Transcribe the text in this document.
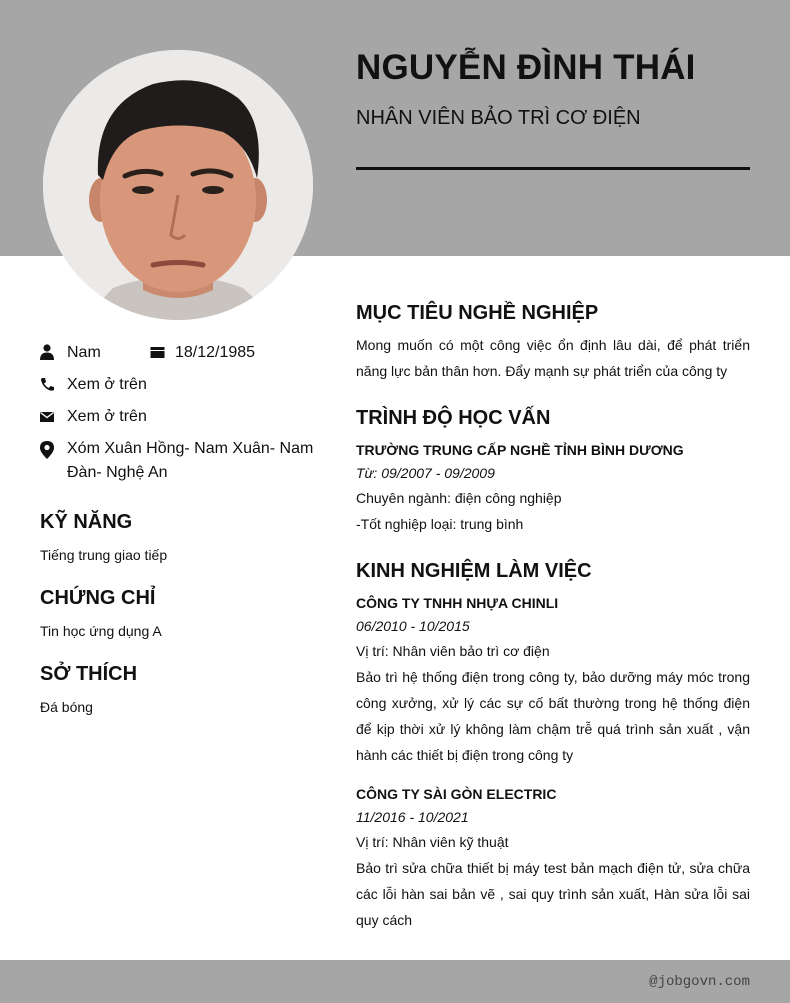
NGUYỄN ĐÌNH THÁI
NHÂN VIÊN BẢO TRÌ CƠ ĐIỆN
Nam	18/12/1985
Xem ở trên
Xem ở trên
Xóm Xuân Hồng- Nam Xuân- Nam Đàn- Nghệ An
KỸ NĂNG
Tiếng trung giao tiếp
CHỨNG CHỈ
Tin học ứng dụng A
SỞ THÍCH
Đá bóng
MỤC TIÊU NGHỀ NGHIỆP
Mong muốn có một công việc ổn định lâu dài, để phát triển năng lực bản thân hơn. Đẩy mạnh sự phát triển của công ty
TRÌNH ĐỘ HỌC VẤN
TRƯỜNG TRUNG CẤP NGHỀ TỈNH BÌNH DƯƠNG
Từ: 09/2007 - 09/2009
Chuyên ngành: điện công nghiệp
-Tốt nghiệp loại: trung bình
KINH NGHIỆM LÀM VIỆC
CÔNG TY TNHH NHỰA CHINLI
06/2010 - 10/2015
Vị trí: Nhân viên bảo trì cơ điện
Bảo trì hệ thống điện trong công ty, bảo dưỡng máy móc trong công xưởng, xử lý các sự cố bất thường trong hệ thống điện để kịp thời xử lý không làm chậm trễ quá trình sản xuất , vận hành các thiết bị điện trong công ty
CÔNG TY SÀI GÒN ELECTRIC
11/2016 - 10/2021
Vị trí: Nhân viên kỹ thuật
Bảo trì sửa chữa thiết bị máy test bản mạch điện tử, sửa chữa các lỗi hàn sai bản vẽ , sai quy trình sản xuất, Hàn sửa lỗi sai quy cách
@jobgovn.com
